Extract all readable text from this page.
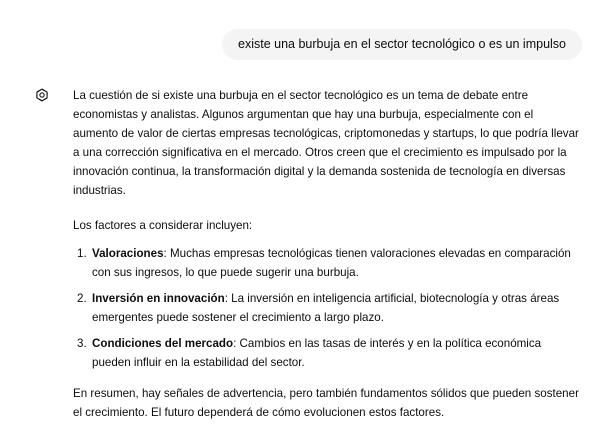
existe una burbuja en el sector tecnológico o es un impulso

La cuestión de si existe una burbuja en el sector tecnológico es un tema de debate entre economistas y analistas. Algunos argumentan que hay una burbuja, especialmente con el aumento de valor de ciertas empresas tecnológicas, criptomonedas y startups, lo que podría llevar a una corrección significativa en el mercado. Otros creen que el crecimiento es impulsado por la innovación continua, la transformación digital y la demanda sostenida de tecnología en diversas industrias.

Los factores a considerar incluyen:

1. Valoraciones: Muchas empresas tecnológicas tienen valoraciones elevadas en comparación con sus ingresos, lo que puede sugerir una burbuja.
2. Inversión en innovación: La inversión en inteligencia artificial, biotecnología y otras áreas emergentes puede sostener el crecimiento a largo plazo.
3. Condiciones del mercado: Cambios en las tasas de interés y en la política económica pueden influir en la estabilidad del sector.

En resumen, hay señales de advertencia, pero también fundamentos sólidos que pueden sostener el crecimiento. El futuro dependerá de cómo evolucionen estos factores.
